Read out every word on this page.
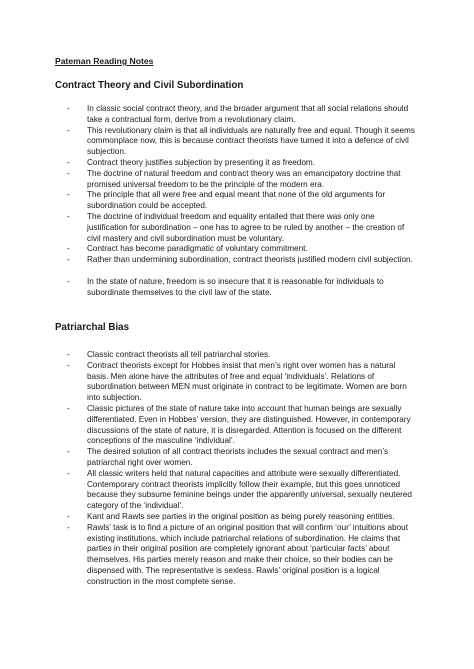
Pateman Reading Notes
Contract Theory and Civil Subordination
- In classic social contract theory, and the broader argument that all social relations should take a contractual form, derive from a revolutionary claim.
- This revolutionary claim is that all individuals are naturally free and equal. Though it seems commonplace now, this is because contract theorists have turned it into a defence of civil subjection.
- Contract theory justifies subjection by presenting it as freedom.
- The doctrine of natural freedom and contract theory was an emancipatory doctrine that promised universal freedom to be the principle of the modern era.
- The principle that all were free and equal meant that none of the old arguments for subordination could be accepted.
- The doctrine of individual freedom and equality entailed that there was only one justification for subordination – one has to agree to be ruled by another – the creation of civil mastery and civil subordination must be voluntary.
- Contract has become paradigmatic of voluntary commitment.
- Rather than undermining subordination, contract theorists justified modern civil subjection.
- In the state of nature, freedom is so insecure that it is reasonable for individuals to subordinate themselves to the civil law of the state.
Patriarchal Bias
- Classic contract theorists all tell patriarchal stories.
- Contract theorists except for Hobbes insist that men’s right over women has a natural basis. Men alone have the attributes of free and equal ‘individuals’. Relations of subordination between MEN must originate in contract to be legitimate. Women are born into subjection.
- Classic pictures of the state of nature take into account that human beings are sexually differentiated. Even in Hobbes’ version, they are distinguished. However, in contemporary discussions of the state of nature, it is disregarded. Attention is focused on the different conceptions of the masculine ‘individual’.
- The desired solution of all contract theorists includes the sexual contract and men’s patriarchal right over women.
- All classic writers held that natural capacities and attribute were sexually differentiated. Contemporary contract theorists implicitly follow their example, but this goes unnoticed because they subsume feminine beings under the apparently universal, sexually neutered category of the ‘individual’.
- Kant and Rawls see parties in the original position as being purely reasoning entities.
- Rawls’ task is to find a picture of an original position that will confirm ‘our’ intuitions about existing institutions, which include patriarchal relations of subordination. He claims that parties in their original position are completely ignorant about ‘particular facts’ about themselves. His parties merely reason and make their choice, so their bodies can be dispensed with. The representative is sexless. Rawls’ original position is a logical construction in the most complete sense.
